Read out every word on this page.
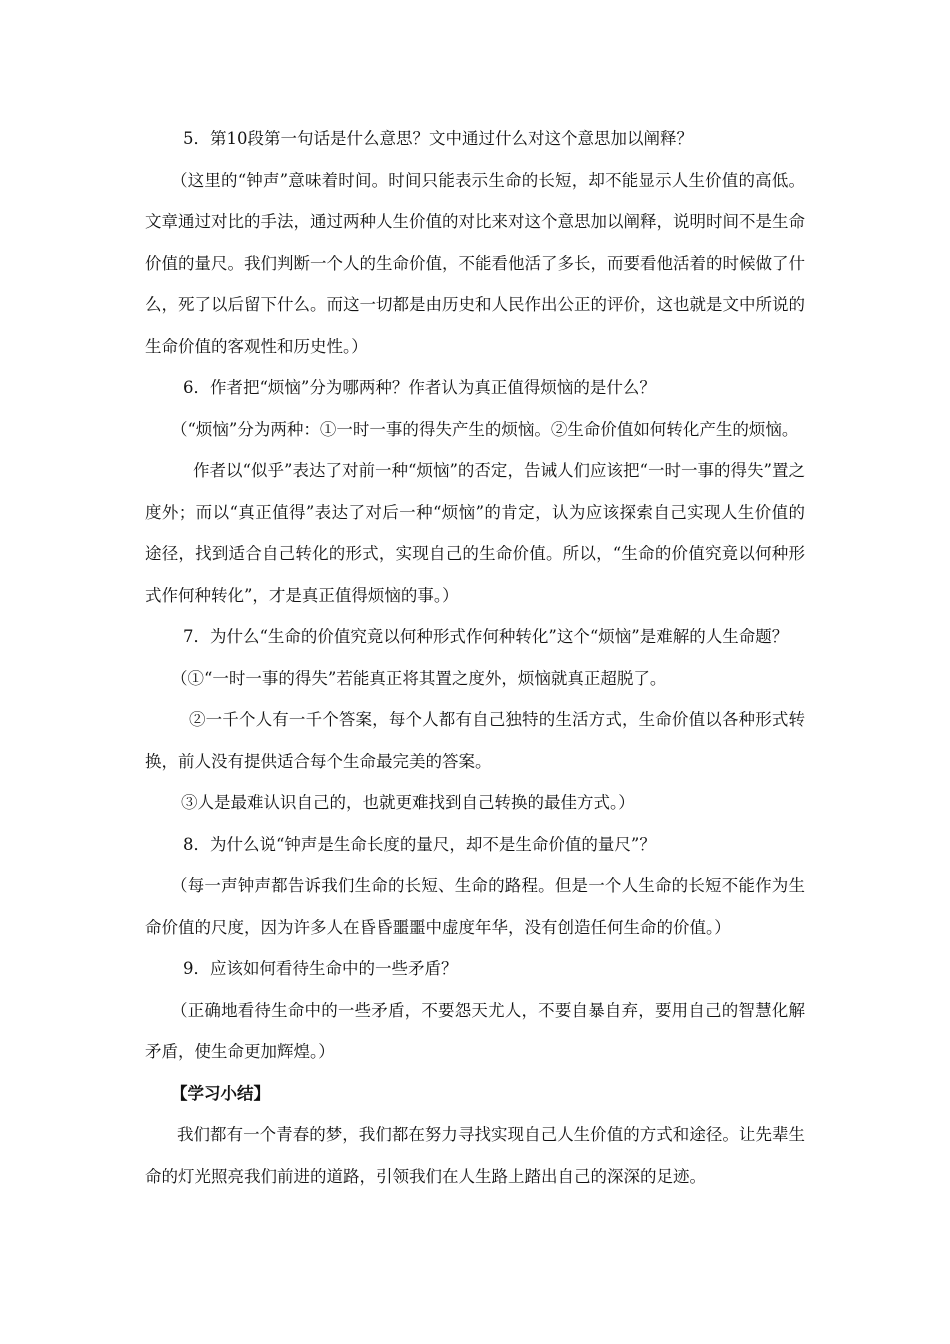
5．第10段第一句话是什么意思？文中通过什么对这个意思加以阐释？

（这里的“钟声”意味着时间。时间只能表示生命的长短，却不能显示人生价值的高低。文章通过对比的手法，通过两种人生价值的对比来对这个意思加以阐释，说明时间不是生命价值的量尺。我们判断一个人的生命价值，不能看他活了多长，而要看他活着的时候做了什么，死了以后留下什么。而这一切都是由历史和人民作出公正的评价，这也就是文中所说的生命价值的客观性和历史性。）

6．作者把“烦恼”分为哪两种？作者认为真正值得烦恼的是什么？

（“烦恼”分为两种：①一时一事的得失产生的烦恼。②生命价值如何转化产生的烦恼。

作者以“似乎”表达了对前一种“烦恼”的否定，告诫人们应该把“一时一事的得失”置之度外；而以“真正值得”表达了对后一种“烦恼”的肯定，认为应该探索自己实现人生价值的途径，找到适合自己转化的形式，实现自己的生命价值。所以，“生命的价值究竟以何种形式作何种转化”，才是真正值得烦恼的事。）

7．为什么“生命的价值究竟以何种形式作何种转化”这个“烦恼”是难解的人生命题？

（①“一时一事的得失”若能真正将其置之度外，烦恼就真正超脱了。

②一千个人有一千个答案，每个人都有自己独特的生活方式，生命价值以各种形式转换，前人没有提供适合每个生命最完美的答案。

③人是最难认识自己的，也就更难找到自己转换的最佳方式。）

8．为什么说“钟声是生命长度的量尺，却不是生命价值的量尺”？

（每一声钟声都告诉我们生命的长短、生命的路程。但是一个人生命的长短不能作为生命价值的尺度，因为许多人在昏昏噩噩中虚度年华，没有创造任何生命的价值。）

9．应该如何看待生命中的一些矛盾？

（正确地看待生命中的一些矛盾，不要怨天尤人，不要自暴自弃，要用自己的智慧化解矛盾，使生命更加辉煌。）

【学习小结】

我们都有一个青春的梦，我们都在努力寻找实现自己人生价值的方式和途径。让先辈生命的灯光照亮我们前进的道路，引领我们在人生路上踏出自己的深深的足迹。
